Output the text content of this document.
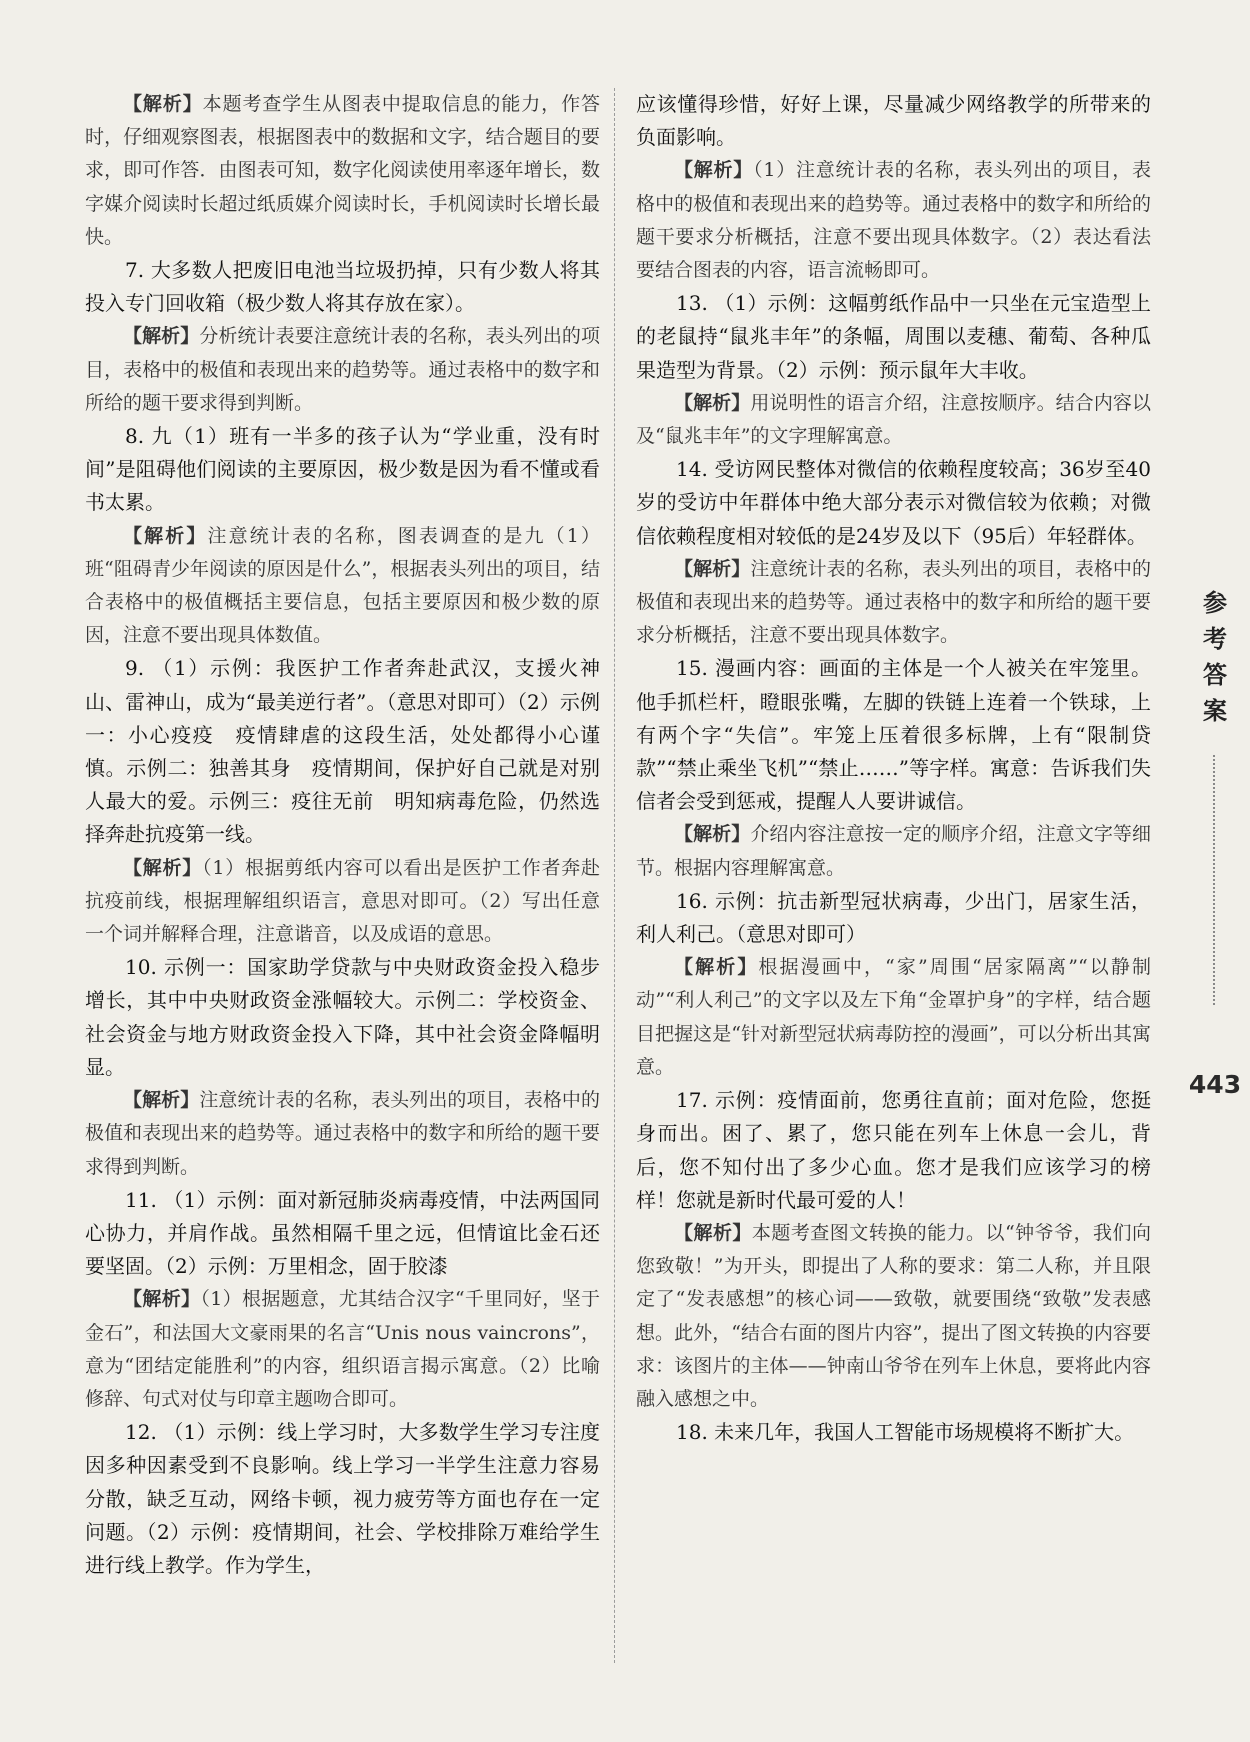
【解析】本题考查学生从图表中提取信息的能力，作答时，仔细观察图表，根据图表中的数据和文字，结合题目的要求，即可作答．由图表可知，数字化阅读使用率逐年增长，数字媒介阅读时长超过纸质媒介阅读时长，手机阅读时长增长最快。

7. 大多数人把废旧电池当垃圾扔掉，只有少数人将其投入专门回收箱（极少数人将其存放在家）。

【解析】分析统计表要注意统计表的名称，表头列出的项目，表格中的极值和表现出来的趋势等。通过表格中的数字和所给的题干要求得到判断。

8. 九（1）班有一半多的孩子认为“学业重，没有时间”是阻碍他们阅读的主要原因，极少数是因为看不懂或看书太累。

【解析】注意统计表的名称，图表调查的是九（1）班“阻碍青少年阅读的原因是什么”，根据表头列出的项目，结合表格中的极值概括主要信息，包括主要原因和极少数的原因，注意不要出现具体数值。

9. （1）示例：我医护工作者奔赴武汉，支援火神山、雷神山，成为“最美逆行者”。（意思对即可）（2）示例一：小心疫疫　疫情肆虐的这段生活，处处都得小心谨慎。示例二：独善其身　疫情期间，保护好自己就是对别人最大的爱。示例三：疫往无前　明知病毒危险，仍然选择奔赴抗疫第一线。

【解析】（1）根据剪纸内容可以看出是医护工作者奔赴抗疫前线，根据理解组织语言，意思对即可。（2）写出任意一个词并解释合理，注意谐音，以及成语的意思。

10. 示例一：国家助学贷款与中央财政资金投入稳步增长，其中中央财政资金涨幅较大。示例二：学校资金、社会资金与地方财政资金投入下降，其中社会资金降幅明显。

【解析】注意统计表的名称，表头列出的项目，表格中的极值和表现出来的趋势等。通过表格中的数字和所给的题干要求得到判断。

11. （1）示例：面对新冠肺炎病毒疫情，中法两国同心协力，并肩作战。虽然相隔千里之远，但情谊比金石还要坚固。（2）示例：万里相念，固于胶漆

【解析】（1）根据题意，尤其结合汉字“千里同好，坚于金石”，和法国大文豪雨果的名言“Unis nous vaincrons”，意为“团结定能胜利”的内容，组织语言揭示寓意。（2）比喻修辞、句式对仗与印章主题吻合即可。

12. （1）示例：线上学习时，大多数学生学习专注度因多种因素受到不良影响。线上学习一半学生注意力容易分散，缺乏互动，网络卡顿，视力疲劳等方面也存在一定问题。（2）示例：疫情期间，社会、学校排除万难给学生进行线上教学。作为学生，

应该懂得珍惜，好好上课，尽量减少网络教学的所带来的负面影响。

【解析】（1）注意统计表的名称，表头列出的项目，表格中的极值和表现出来的趋势等。通过表格中的数字和所给的题干要求分析概括，注意不要出现具体数字。（2）表达看法要结合图表的内容，语言流畅即可。

13. （1）示例：这幅剪纸作品中一只坐在元宝造型上的老鼠持“鼠兆丰年”的条幅，周围以麦穗、葡萄、各种瓜果造型为背景。（2）示例：预示鼠年大丰收。

【解析】用说明性的语言介绍，注意按顺序。结合内容以及“鼠兆丰年”的文字理解寓意。

14. 受访网民整体对微信的依赖程度较高；36岁至40岁的受访中年群体中绝大部分表示对微信较为依赖；对微信依赖程度相对较低的是24岁及以下（95后）年轻群体。

【解析】注意统计表的名称，表头列出的项目，表格中的极值和表现出来的趋势等。通过表格中的数字和所给的题干要求分析概括，注意不要出现具体数字。

15. 漫画内容：画面的主体是一个人被关在牢笼里。他手抓栏杆，瞪眼张嘴，左脚的铁链上连着一个铁球，上有两个字“失信”。牢笼上压着很多标牌，上有“限制贷款”“禁止乘坐飞机”“禁止……”等字样。寓意：告诉我们失信者会受到惩戒，提醒人人要讲诚信。

【解析】介绍内容注意按一定的顺序介绍，注意文字等细节。根据内容理解寓意。

16. 示例：抗击新型冠状病毒，少出门，居家生活，利人利己。（意思对即可）

【解析】根据漫画中，“家”周围“居家隔离”“以静制动”“利人利己”的文字以及左下角“金罩护身”的字样，结合题目把握这是“针对新型冠状病毒防控的漫画”，可以分析出其寓意。

17. 示例：疫情面前，您勇往直前；面对危险，您挺身而出。困了、累了，您只能在列车上休息一会儿，背后，您不知付出了多少心血。您才是我们应该学习的榜样！您就是新时代最可爱的人！

【解析】本题考查图文转换的能力。以“钟爷爷，我们向您致敬！”为开头，即提出了人称的要求：第二人称，并且限定了“发表感想”的核心词——致敬，就要围绕“致敬”发表感想。此外，“结合右面的图片内容”，提出了图文转换的内容要求：该图片的主体——钟南山爷爷在列车上休息，要将此内容融入感想之中。

18. 未来几年，我国人工智能市场规模将不断扩大。

参
考
答
案
443
